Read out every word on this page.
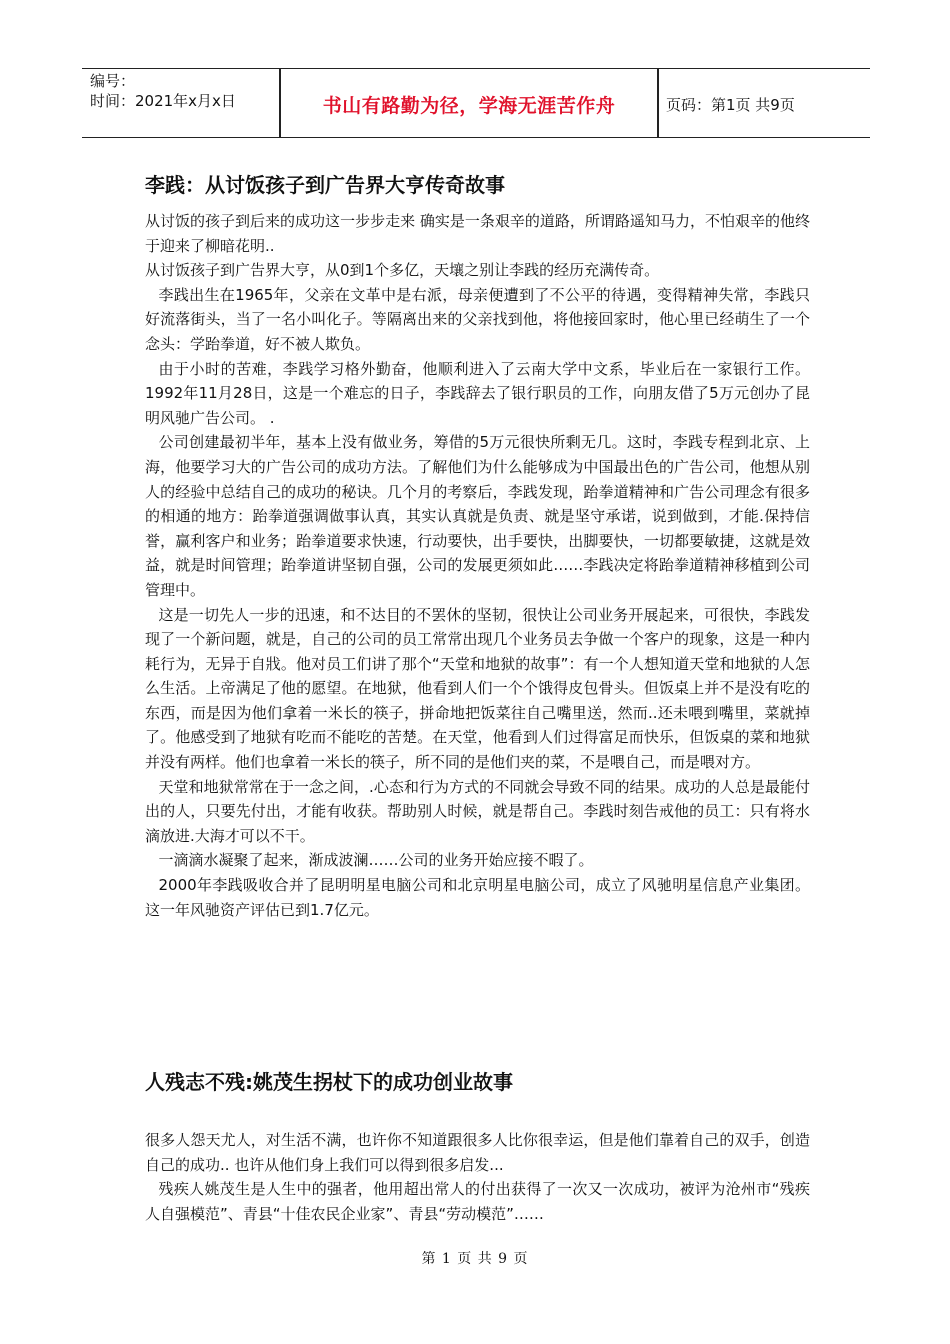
编号：
时间：2021年x月x日	书山有路勤为径，学海无涯苦作舟	页码：第1页 共9页
李践：从讨饭孩子到广告界大亨传奇故事

从讨饭的孩子到后来的成功这一步步走来 确实是一条艰辛的道路，所谓路遥知马力，不怕艰辛的他终于迎来了柳暗花明..

从讨饭孩子到广告界大亨，从0到1个多亿，天壤之别让李践的经历充满传奇。

李践出生在1965年，父亲在文革中是右派，母亲便遭到了不公平的待遇，变得精神失常，李践只好流落街头，当了一名小叫化子。等隔离出来的父亲找到他，将他接回家时，他心里已经萌生了一个念头：学跆拳道，好不被人欺负。

由于小时的苦难，李践学习格外勤奋，他顺利进入了云南大学中文系，毕业后在一家银行工作。1992年11月28日，这是一个难忘的日子，李践辞去了银行职员的工作，向朋友借了5万元创办了昆明风驰广告公司。 .

公司创建最初半年，基本上没有做业务，筹借的5万元很快所剩无几。这时，李践专程到北京、上海，他要学习大的广告公司的成功方法。了解他们为什么能够成为中国最出色的广告公司，他想从别人的经验中总结自己的成功的秘诀。几个月的考察后，李践发现，跆拳道精神和广告公司理念有很多的相通的地方：跆拳道强调做事认真，其实认真就是负责、就是坚守承诺，说到做到，才能.保持信誉，赢利客户和业务；跆拳道要求快速，行动要快，出手要快，出脚要快，一切都要敏捷，这就是效益，就是时间管理；跆拳道讲坚韧自强，公司的发展更须如此……李践决定将跆拳道精神移植到公司管理中。

这是一切先人一步的迅速，和不达目的不罢休的坚韧，很快让公司业务开展起来，可很快，李践发现了一个新问题，就是，自己的公司的员工常常出现几个业务员去争做一个客户的现象，这是一种内耗行为，无异于自戕。他对员工们讲了那个“天堂和地狱的故事”：有一个人想知道天堂和地狱的人怎么生活。上帝满足了他的愿望。在地狱，他看到人们一个个饿得皮包骨头。但饭桌上并不是没有吃的东西，而是因为他们拿着一米长的筷子，拼命地把饭菜往自己嘴里送，然而..还未喂到嘴里，菜就掉了。他感受到了地狱有吃而不能吃的苦楚。在天堂，他看到人们过得富足而快乐，但饭桌的菜和地狱并没有两样。他们也拿着一米长的筷子，所不同的是他们夹的菜，不是喂自己，而是喂对方。

天堂和地狱常常在于一念之间，.心态和行为方式的不同就会导致不同的结果。成功的人总是最能付出的人，只要先付出，才能有收获。帮助别人时候，就是帮自己。李践时刻告戒他的员工：只有将水滴放进.大海才可以不干。

一滴滴水凝聚了起来，渐成波澜……公司的业务开始应接不暇了。

2000年李践吸收合并了昆明明星电脑公司和北京明星电脑公司，成立了风驰明星信息产业集团。这一年风驰资产评估已到1.7亿元。

人残志不残:姚茂生拐杖下的成功创业故事

很多人怨天尤人，对生活不满，也许你不知道跟很多人比你很幸运，但是他们靠着自己的双手，创造自己的成功.. 也许从他们身上我们可以得到很多启发...

残疾人姚茂生是人生中的强者，他用超出常人的付出获得了一次又一次成功，被评为沧州市“残疾人自强模范”、青县“十佳农民企业家”、青县“劳动模范”……

第 1 页 共 9 页
